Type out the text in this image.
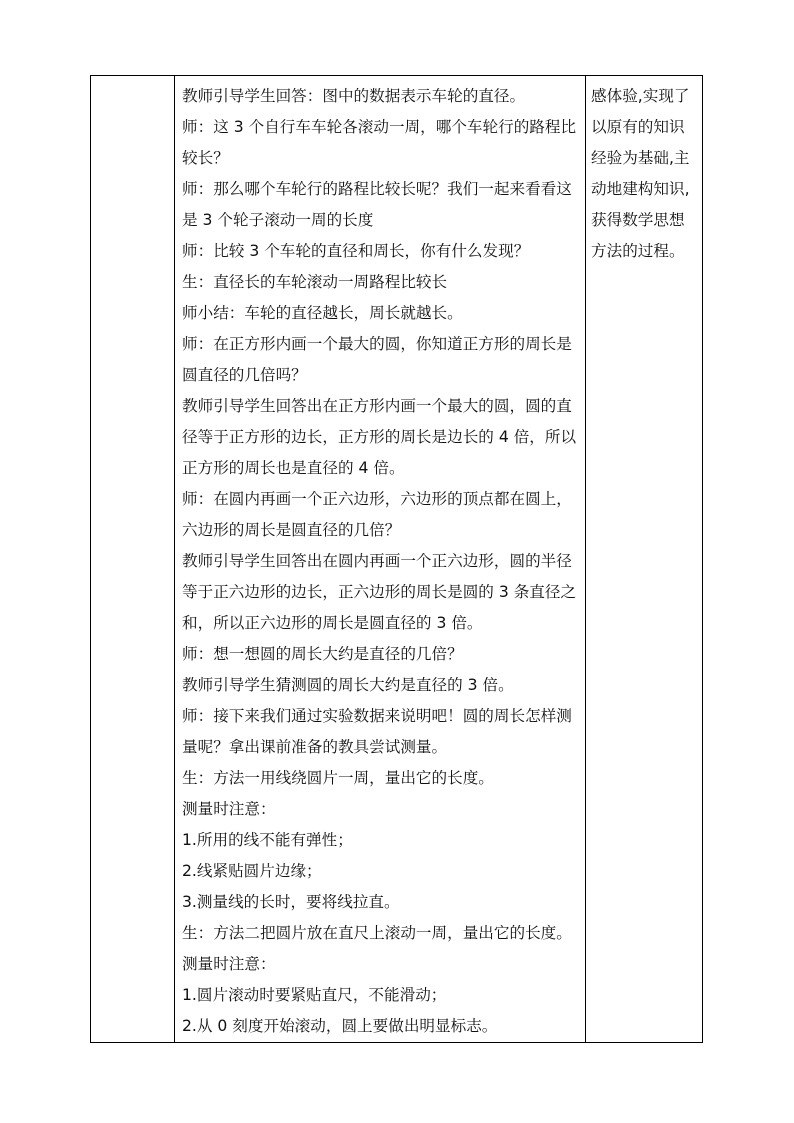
教师引导学生回答：图中的数据表示车轮的直径。
师：这 3 个自行车车轮各滚动一周，哪个车轮行的路程比
较长？
师：那么哪个车轮行的路程比较长呢？我们一起来看看这
是 3 个轮子滚动一周的长度
师：比较 3 个车轮的直径和周长，你有什么发现？
生：直径长的车轮滚动一周路程比较长
师小结：车轮的直径越长，周长就越长。
师：在正方形内画一个最大的圆，你知道正方形的周长是
圆直径的几倍吗？
教师引导学生回答出在正方形内画一个最大的圆，圆的直
径等于正方形的边长，正方形的周长是边长的 4 倍，所以
正方形的周长也是直径的 4 倍。
师：在圆内再画一个正六边形，六边形的顶点都在圆上，
六边形的周长是圆直径的几倍？
教师引导学生回答出在圆内再画一个正六边形，圆的半径
等于正六边形的边长，正六边形的周长是圆的 3 条直径之
和，所以正六边形的周长是圆直径的 3 倍。
师：想一想圆的周长大约是直径的几倍？
教师引导学生猜测圆的周长大约是直径的 3 倍。
师：接下来我们通过实验数据来说明吧！圆的周长怎样测
量呢？拿出课前准备的教具尝试测量。
生：方法一用线绕圆片一周，量出它的长度。
测量时注意：
1.所用的线不能有弹性；
2.线紧贴圆片边缘；
3.测量线的长时，要将线拉直。
生：方法二把圆片放在直尺上滚动一周，量出它的长度。
测量时注意：
1.圆片滚动时要紧贴直尺，不能滑动；
2.从 0 刻度开始滚动，圆上要做出明显标志。
感体验,实现了
以原有的知识
经验为基础,主
动地建构知识,
获得数学思想
方法的过程。
